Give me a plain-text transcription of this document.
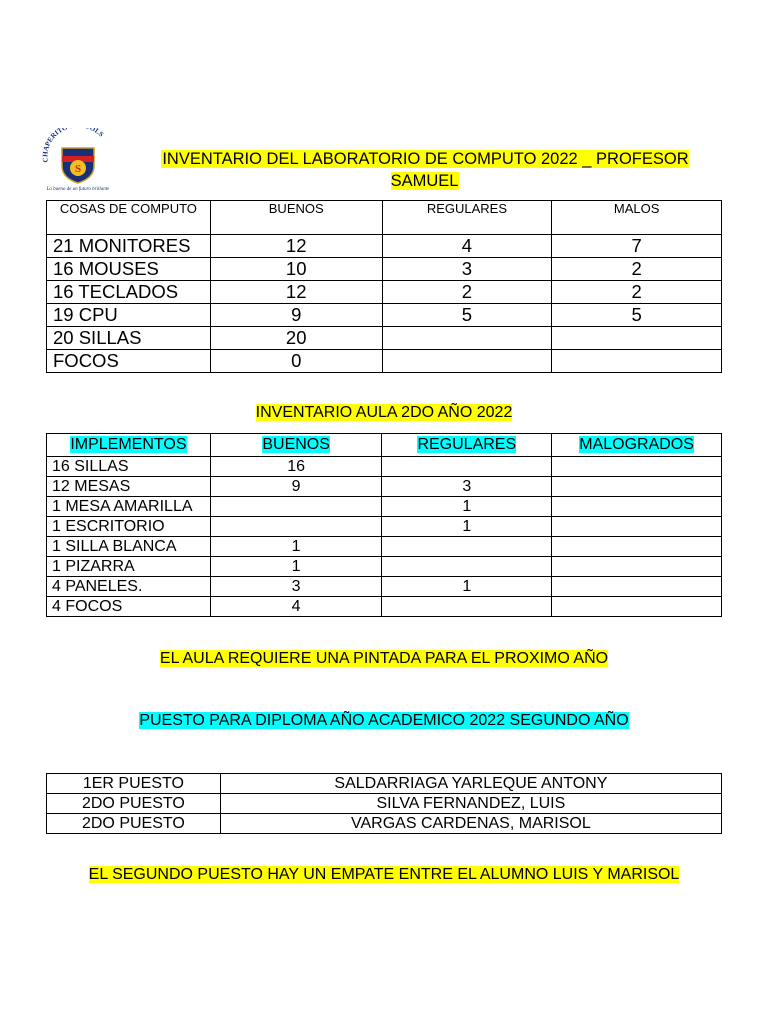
CHAPERITO OLS
S
Lo bueno de un futuro brillante
INVENTARIO DEL LABORATORIO DE COMPUTO 2022 _ PROFESOR SAMUEL
COSAS DE COMPUTO	BUENOS	REGULARES	MALOS
21 MONITORES	12	4	7
16 MOUSES	10	3	2
16 TECLADOS	12	2	2
19 CPU	9	5	5
20 SILLAS	20		
FOCOS	0		
INVENTARIO AULA 2DO AÑO 2022
IMPLEMENTOS	BUENOS	REGULARES	MALOGRADOS
16 SILLAS	16		
12 MESAS	9	3	
1 MESA AMARILLA		1	
1 ESCRITORIO		1	
1 SILLA BLANCA	1		
1 PIZARRA	1		
4 PANELES.	3	1	
4 FOCOS	4		
EL AULA REQUIERE UNA PINTADA PARA EL PROXIMO AÑO
PUESTO PARA DIPLOMA AÑO ACADEMICO 2022 SEGUNDO AÑO
1ER PUESTO	SALDARRIAGA YARLEQUE ANTONY
2DO PUESTO	SILVA FERNANDEZ, LUIS
2DO PUESTO	VARGAS CARDENAS, MARISOL
EL SEGUNDO PUESTO HAY UN EMPATE ENTRE EL ALUMNO LUIS Y MARISOL
